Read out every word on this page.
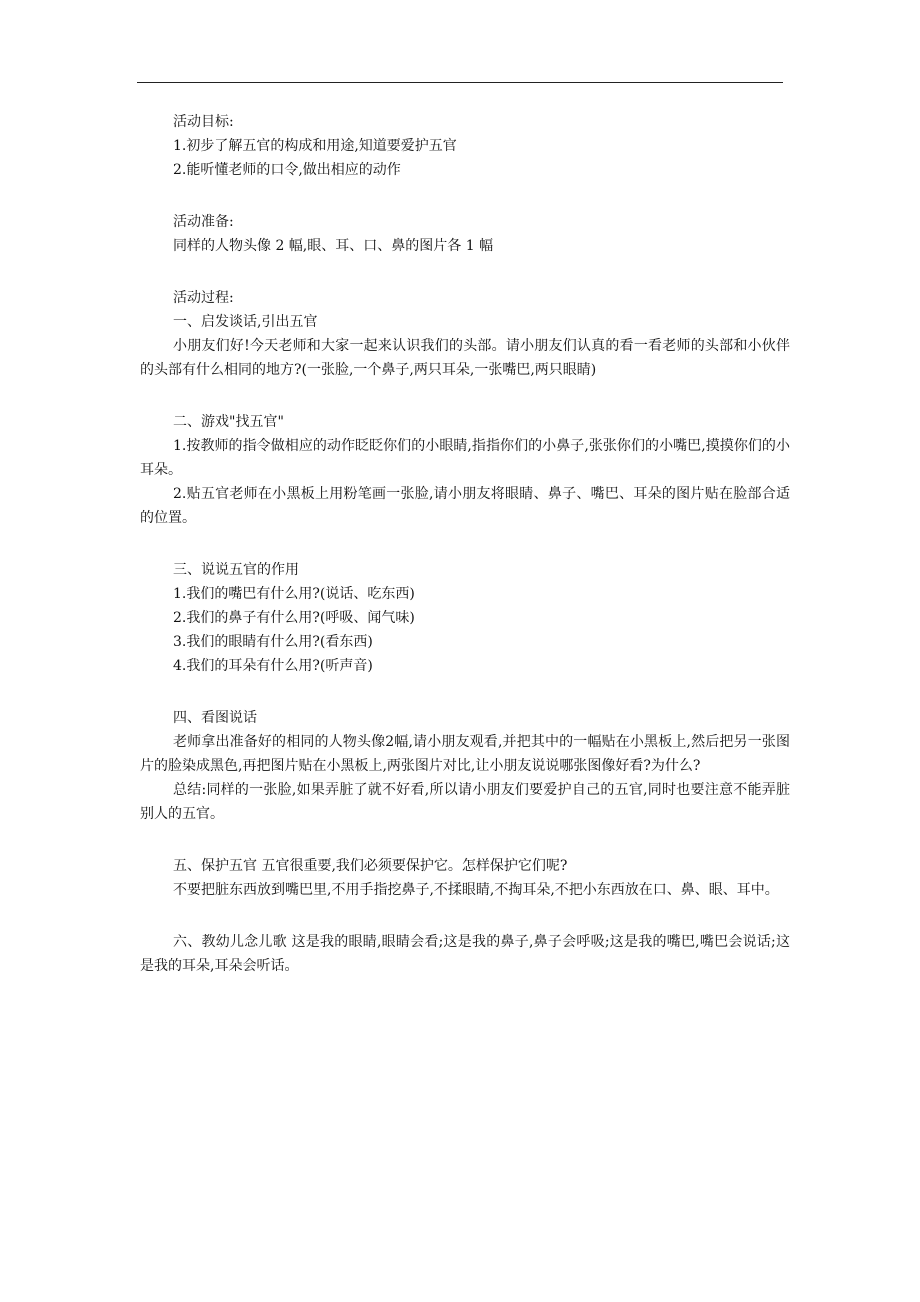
活动目标:
1.初步了解五官的构成和用途,知道要爱护五官
2.能听懂老师的口令,做出相应的动作
活动准备:
同样的人物头像 2 幅,眼、耳、口、鼻的图片各 1 幅
活动过程:
一、启发谈话,引出五官

小朋友们好!今天老师和大家一起来认识我们的头部。请小朋友们认真的看一看老师的头部和小伙伴的头部有什么相同的地方?(一张脸,一个鼻子,两只耳朵,一张嘴巴,两只眼睛)

二、游戏"找五官"

1.按教师的指令做相应的动作眨眨你们的小眼睛,指指你们的小鼻子,张张你们的小嘴巴,摸摸你们的小耳朵。

2.贴五官老师在小黑板上用粉笔画一张脸,请小朋友将眼睛、鼻子、嘴巴、耳朵的图片贴在脸部合适的位置。

三、说说五官的作用
1.我们的嘴巴有什么用?(说话、吃东西)
2.我们的鼻子有什么用?(呼吸、闻气味)
3.我们的眼睛有什么用?(看东西)
4.我们的耳朵有什么用?(听声音)
四、看图说话

老师拿出准备好的相同的人物头像2幅,请小朋友观看,并把其中的一幅贴在小黑板上,然后把另一张图片的脸染成黑色,再把图片贴在小黑板上,两张图片对比,让小朋友说说哪张图像好看?为什么?

总结:同样的一张脸,如果弄脏了就不好看,所以请小朋友们要爱护自己的五官,同时也要注意不能弄脏别人的五官。

五、保护五官 五官很重要,我们必须要保护它。怎样保护它们呢?

不要把脏东西放到嘴巴里,不用手指挖鼻子,不揉眼睛,不掏耳朵,不把小东西放在口、鼻、眼、耳中。

六、教幼儿念儿歌 这是我的眼睛,眼睛会看;这是我的鼻子,鼻子会呼吸;这是我的嘴巴,嘴巴会说话;这是我的耳朵,耳朵会听话。
